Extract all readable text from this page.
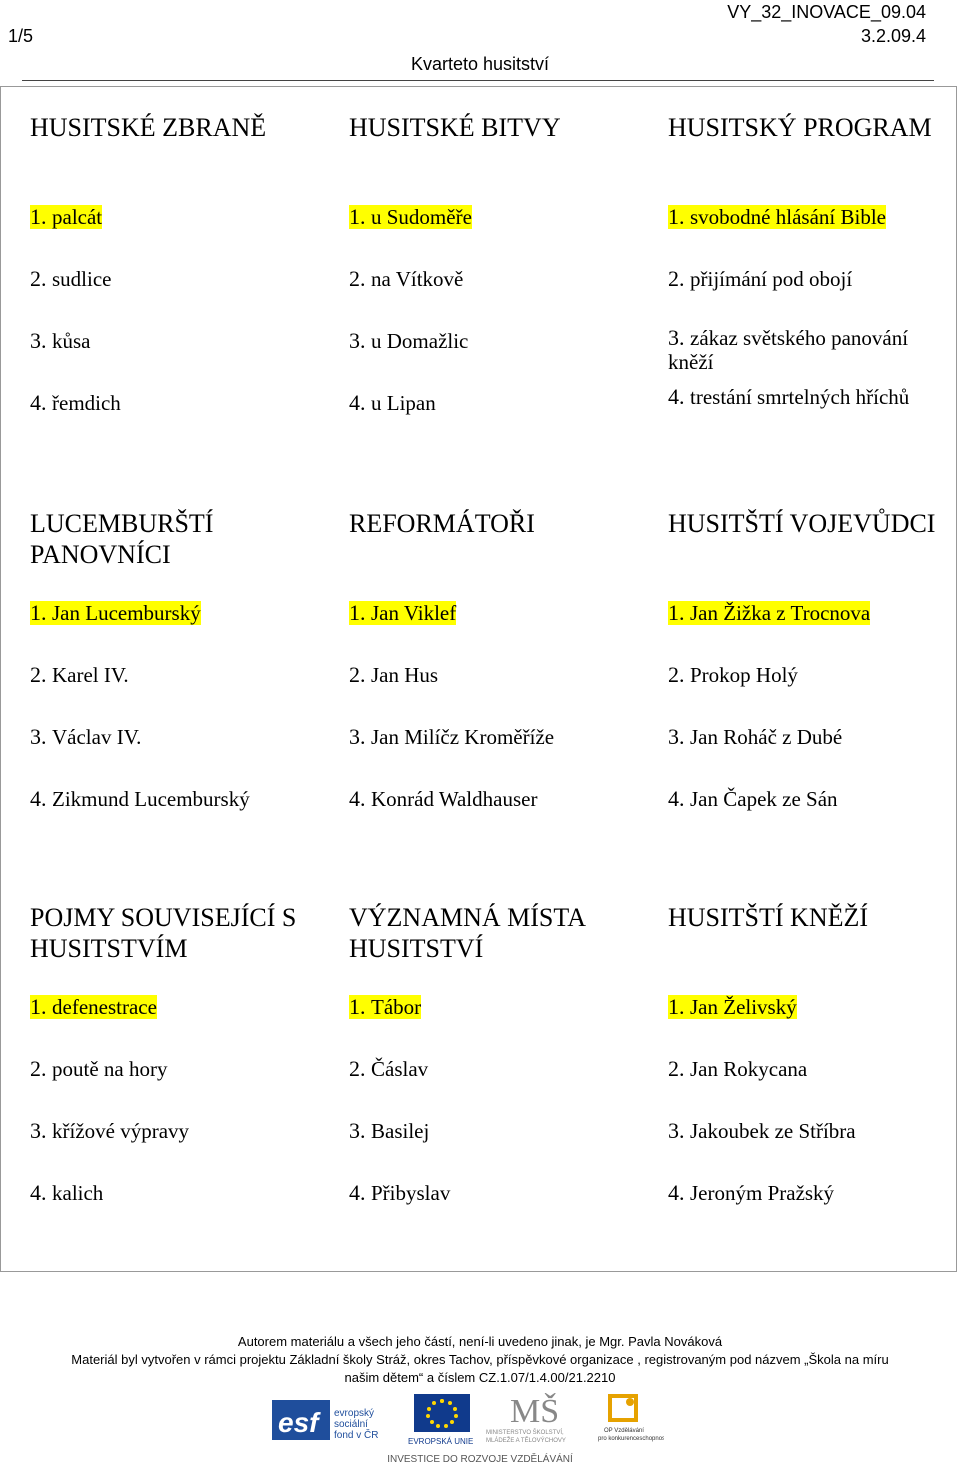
1/5
VY_32_INOVACE_09.04
3.2.09.4
Kvarteto husitství
HUSITSKÉ ZBRANĚ
1. palcát
2. sudlice
3. kůsa
4. řemdich
HUSITSKÉ BITVY
1. u Sudoměře
2. na Vítkově
3. u Domažlic
4. u Lipan
HUSITSKÝ PROGRAM
1. svobodné hlásání Bible
2. přijímání pod obojí
3. zákaz světského panování kněží
4. trestání smrtelných hříchů
LUCEMBURŠTÍ PANOVNÍCI
1. Jan Lucemburský
2. Karel IV.
3. Václav IV.
4. Zikmund Lucemburský
REFORMÁTOŘI
1. Jan Viklef
2. Jan Hus
3. Jan Milíčz Kroměříže
4. Konrád Waldhauser
HUSITŠTÍ VOJEVŮDCI
1. Jan Žižka z Trocnova
2. Prokop Holý
3. Jan Roháč z Dubé
4. Jan Čapek ze Sán
POJMY SOUVISEJÍCÍ S HUSITSTVÍM
1. defenestrace
2. poutě na hory
3. křížové výpravy
4. kalich
VÝZNAMNÁ MÍSTA HUSITSTVÍ
1. Tábor
2. Čáslav
3. Basilej
4. Přibyslav
HUSITŠTÍ KNĚŽÍ
1. Jan Želivský
2. Jan Rokycana
3. Jakoubek ze Stříbra
4. Jeroným Pražský
Autorem materiálu a všech jeho částí, není-li uvedeno jinak, je Mgr. Pavla Nováková
Materiál byl vytvořen v rámci projektu Základní školy Stráž, okres Tachov, příspěvkové organizace , registrovaným pod názvem „Škola na míru
našim dětem“ a číslem CZ.1.07/1.4.00/21.2210
esf evropský
sociální
fond v ČR
EVROPSKÁ UNIE
MŠ
MINISTERSTVO ŠKOLSTVÍ,
MLÁDEŽE A TĚLOVÝCHOVY
OP Vzdělávání
pro konkurenceschopnost
INVESTICE DO ROZVOJE VZDĚLÁVÁNÍ
